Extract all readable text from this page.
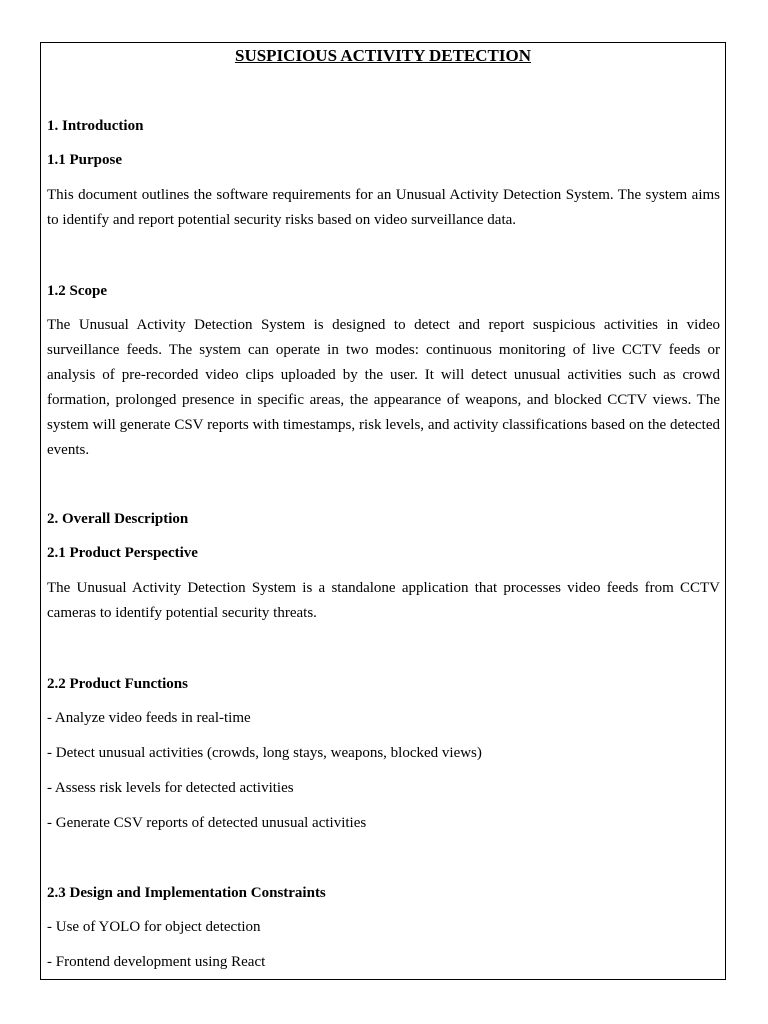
SUSPICIOUS ACTIVITY DETECTION
1. Introduction
1.1 Purpose
This document outlines the software requirements for an Unusual Activity Detection System. The system aims to identify and report potential security risks based on video surveillance data.
1.2 Scope
The Unusual Activity Detection System is designed to detect and report suspicious activities in video surveillance feeds. The system can operate in two modes: continuous monitoring of live CCTV feeds or analysis of pre-recorded video clips uploaded by the user. It will detect unusual activities such as crowd formation, prolonged presence in specific areas, the appearance of weapons, and blocked CCTV views. The system will generate CSV reports with timestamps, risk levels, and activity classifications based on the detected events.
2. Overall Description
2.1 Product Perspective
The Unusual Activity Detection System is a standalone application that processes video feeds from CCTV cameras to identify potential security threats.
2.2 Product Functions
- Analyze video feeds in real-time
- Detect unusual activities (crowds, long stays, weapons, blocked views)
- Assess risk levels for detected activities
- Generate CSV reports of detected unusual activities
2.3 Design and Implementation Constraints
- Use of YOLO for object detection
- Frontend development using React
